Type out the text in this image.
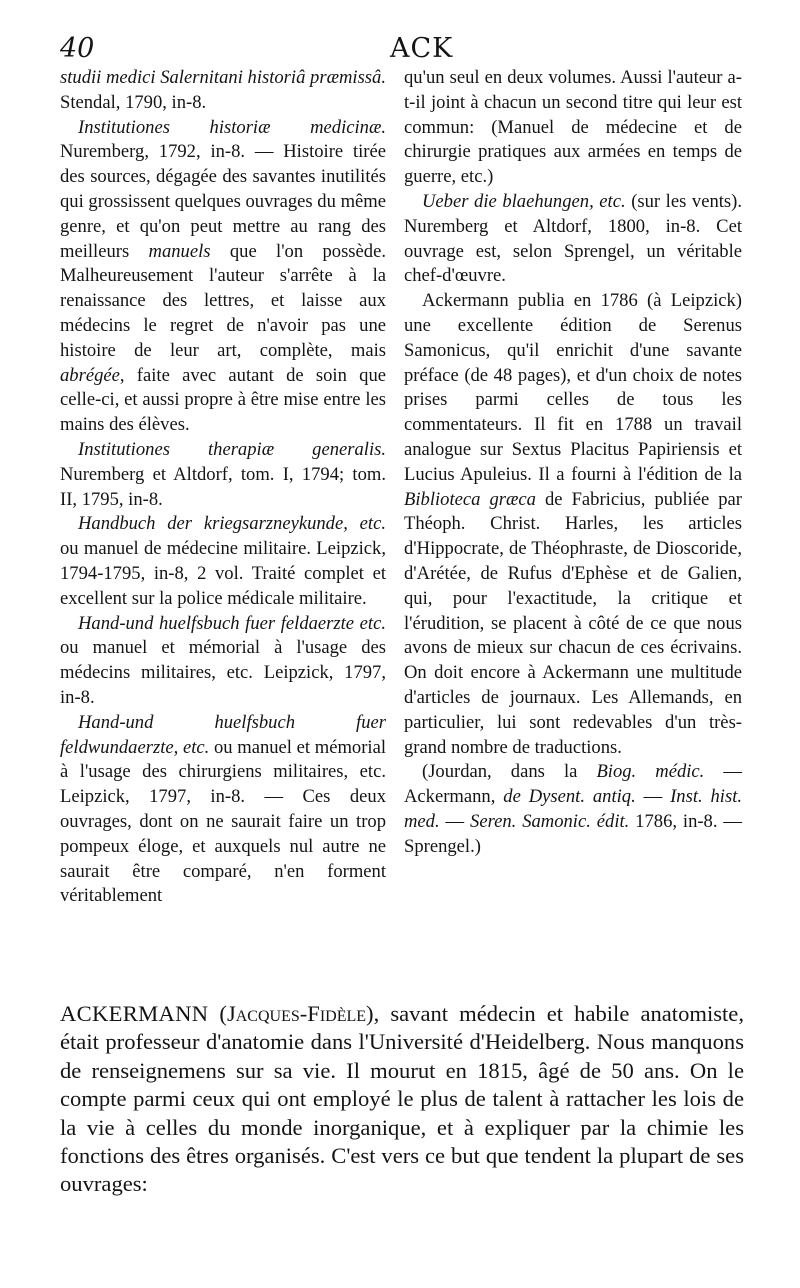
40	ACK

studii medici Salernitani historiâ præmissâ. Stendal, 1790, in-8.

Institutiones historiæ medicinæ. Nuremberg, 1792, in-8. — Histoire tirée des sources, dégagée des savantes inutilités qui grossissent quelques ouvrages du même genre, et qu'on peut mettre au rang des meilleurs manuels que l'on possède. Malheureusement l'auteur s'arrête à la renaissance des lettres, et laisse aux médecins le regret de n'avoir pas une histoire de leur art, complète, mais abrégée, faite avec autant de soin que celle-ci, et aussi propre à être mise entre les mains des élèves.

Institutiones therapiæ generalis. Nuremberg et Altdorf, tom. I, 1794; tom. II, 1795, in-8.

Handbuch der kriegsarzneykunde, etc. ou manuel de médecine militaire. Leipzick, 1794-1795, in-8, 2 vol. Traité complet et excellent sur la police médicale militaire.

Hand-und huelfsbuch fuer feldaerzte etc. ou manuel et mémorial à l'usage des médecins militaires, etc. Leipzick, 1797, in-8.

Hand-und huelfsbuch fuer feldwundaerzte, etc. ou manuel et mémorial à l'usage des chirurgiens militaires, etc. Leipzick, 1797, in-8. — Ces deux ouvrages, dont on ne saurait faire un trop pompeux éloge, et auxquels nul autre ne saurait être comparé, n'en forment véritablement

qu'un seul en deux volumes. Aussi l'auteur a-t-il joint à chacun un second titre qui leur est commun: (Manuel de médecine et de chirurgie pratiques aux armées en temps de guerre, etc.)

Ueber die blaehungen, etc. (sur les vents). Nuremberg et Altdorf, 1800, in-8. Cet ouvrage est, selon Sprengel, un véritable chef-d'œuvre.

Ackermann publia en 1786 (à Leipzick) une excellente édition de Serenus Samonicus, qu'il enrichit d'une savante préface (de 48 pages), et d'un choix de notes prises parmi celles de tous les commentateurs. Il fit en 1788 un travail analogue sur Sextus Placitus Papiriensis et Lucius Apuleius. Il a fourni à l'édition de la Biblioteca græca de Fabricius, publiée par Théoph. Christ. Harles, les articles d'Hippocrate, de Théophraste, de Dioscoride, d'Arétée, de Rufus d'Ephèse et de Galien, qui, pour l'exactitude, la critique et l'érudition, se placent à côté de ce que nous avons de mieux sur chacun de ces écrivains. On doit encore à Ackermann une multitude d'articles de journaux. Les Allemands, en particulier, lui sont redevables d'un très-grand nombre de traductions.

(Jourdan, dans la Biog. médic. — Ackermann, de Dysent. antiq. — Inst. hist. med. — Seren. Samonic. édit. 1786, in-8. — Sprengel.)

ACKERMANN (Jacques-Fidèle), savant médecin et habile anatomiste, était professeur d'anatomie dans l'Université d'Heidelberg. Nous manquons de renseignemens sur sa vie. Il mourut en 1815, âgé de 50 ans. On le compte parmi ceux qui ont employé le plus de talent à rattacher les lois de la vie à celles du monde inorganique, et à expliquer par la chimie les fonctions des êtres organisés. C'est vers ce but que tendent la plupart de ses ouvrages:
